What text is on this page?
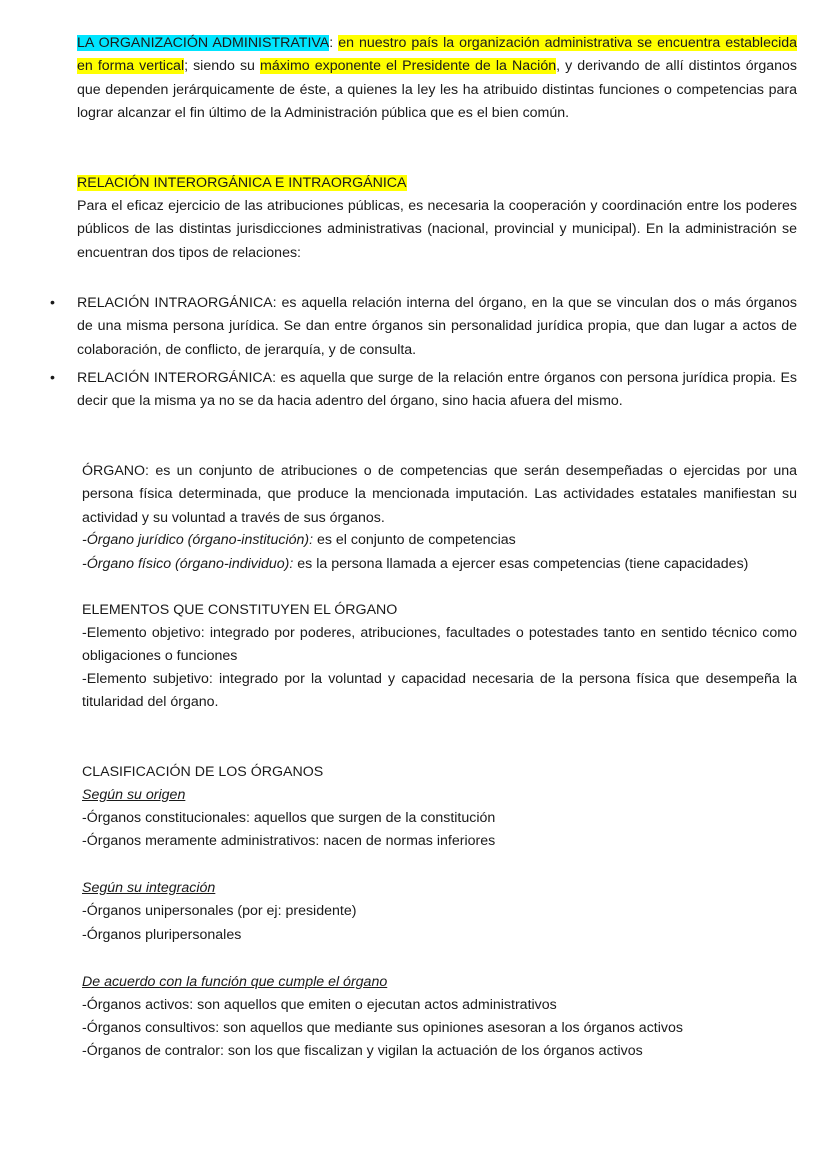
LA ORGANIZACIÓN ADMINISTRATIVA: en nuestro país la organización administrativa se encuentra establecida en forma vertical; siendo su máximo exponente el Presidente de la Nación, y derivando de allí distintos órganos que dependen jerárquicamente de éste, a quienes la ley les ha atribuido distintas funciones o competencias para lograr alcanzar el fin último de la Administración pública que es el bien común.

RELACIÓN INTERORGÁNICA E INTRAORGÁNICA

Para el eficaz ejercicio de las atribuciones públicas, es necesaria la cooperación y coordinación entre los poderes públicos de las distintas jurisdicciones administrativas (nacional, provincial y municipal). En la administración se encuentran dos tipos de relaciones:

• RELACIÓN INTRAORGÁNICA: es aquella relación interna del órgano, en la que se vinculan dos o más órganos de una misma persona jurídica. Se dan entre órganos sin personalidad jurídica propia, que dan lugar a actos de colaboración, de conflicto, de jerarquía, y de consulta.
• RELACIÓN INTERORGÁNICA: es aquella que surge de la relación entre órganos con persona jurídica propia. Es decir que la misma ya no se da hacia adentro del órgano, sino hacia afuera del mismo.

ÓRGANO: es un conjunto de atribuciones o de competencias que serán desempeñadas o ejercidas por una persona física determinada, que produce la mencionada imputación. Las actividades estatales manifiestan su actividad y su voluntad a través de sus órganos.

-Órgano jurídico (órgano-institución): es el conjunto de competencias

-Órgano físico (órgano-individuo): es la persona llamada a ejercer esas competencias (tiene capacidades)

ELEMENTOS QUE CONSTITUYEN EL ÓRGANO

-Elemento objetivo: integrado por poderes, atribuciones, facultades o potestades tanto en sentido técnico como obligaciones o funciones

-Elemento subjetivo: integrado por la voluntad y capacidad necesaria de la persona física que desempeña la titularidad del órgano.

CLASIFICACIÓN DE LOS ÓRGANOS

Según su origen

-Órganos constitucionales: aquellos que surgen de la constitución

-Órganos meramente administrativos: nacen de normas inferiores

Según su integración

-Órganos unipersonales (por ej: presidente)

-Órganos pluripersonales

De acuerdo con la función que cumple el órgano

-Órganos activos: son aquellos que emiten o ejecutan actos administrativos

-Órganos consultivos: son aquellos que mediante sus opiniones asesoran a los órganos activos

-Órganos de contralor: son los que fiscalizan y vigilan la actuación de los órganos activos
